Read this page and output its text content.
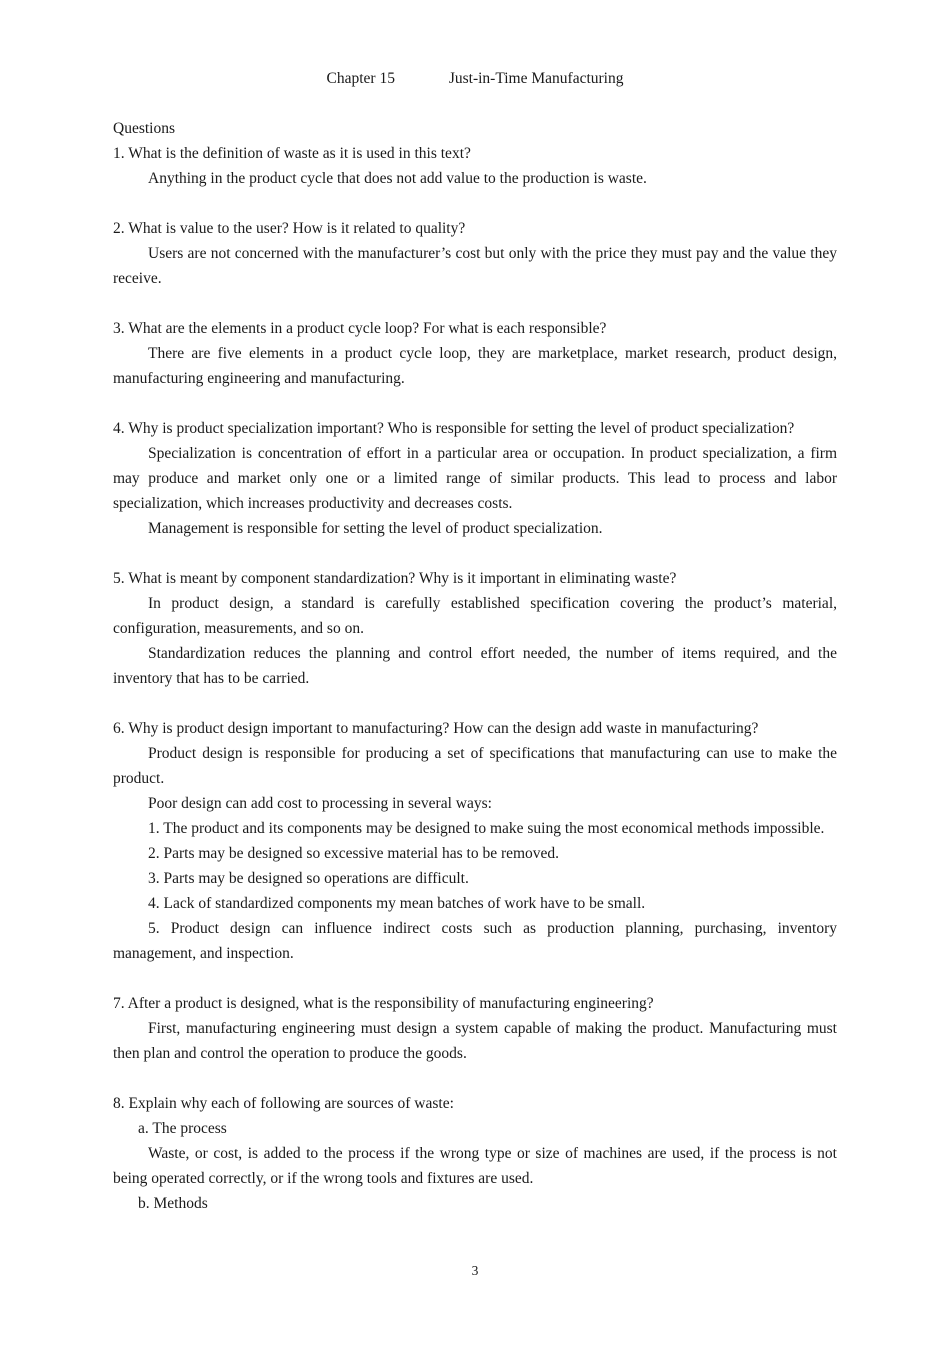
Chapter 15	Just-in-Time Manufacturing

Questions

1. What is the definition of waste as it is used in this text?

Anything in the product cycle that does not add value to the production is waste.

2. What is value to the user? How is it related to quality?

Users are not concerned with the manufacturer’s cost but only with the price they must pay and the value they receive.

3. What are the elements in a product cycle loop? For what is each responsible?

There are five elements in a product cycle loop, they are marketplace, market research, product design, manufacturing engineering and manufacturing.

4. Why is product specialization important? Who is responsible for setting the level of product specialization?

Specialization is concentration of effort in a particular area or occupation. In product specialization, a firm may produce and market only one or a limited range of similar products. This lead to process and labor specialization, which increases productivity and decreases costs.

Management is responsible for setting the level of product specialization.

5. What is meant by component standardization? Why is it important in eliminating waste?

In product design, a standard is carefully established specification covering the product’s material, configuration, measurements, and so on.

Standardization reduces the planning and control effort needed, the number of items required, and the inventory that has to be carried.

6. Why is product design important to manufacturing? How can the design add waste in manufacturing?

Product design is responsible for producing a set of specifications that manufacturing can use to make the product.

Poor design can add cost to processing in several ways:

1. The product and its components may be designed to make suing the most economical methods impossible.

2. Parts may be designed so excessive material has to be removed.

3. Parts may be designed so operations are difficult.

4. Lack of standardized components my mean batches of work have to be small.

5. Product design can influence indirect costs such as production planning, purchasing, inventory management, and inspection.

7. After a product is designed, what is the responsibility of manufacturing engineering?

First, manufacturing engineering must design a system capable of making the product. Manufacturing must then plan and control the operation to produce the goods.

8. Explain why each of following are sources of waste:

a. The process

Waste, or cost, is added to the process if the wrong type or size of machines are used, if the process is not being operated correctly, or if the wrong tools and fixtures are used.

b. Methods

3
